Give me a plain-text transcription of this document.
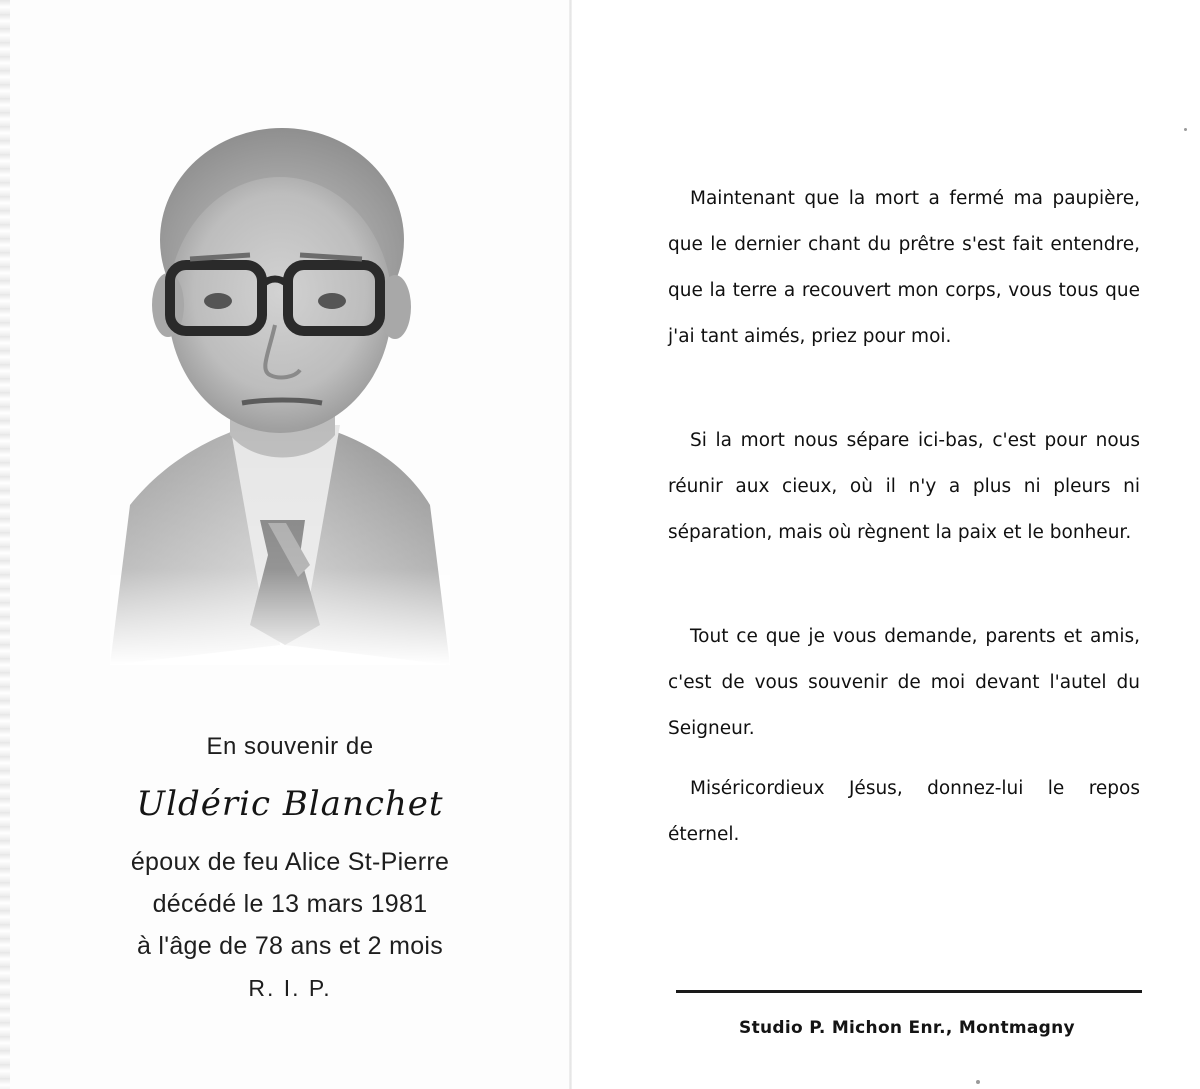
En souvenir de

Uldéric Blanchet

époux de feu Alice St-Pierre

décédé le 13 mars 1981

à l'âge de 78 ans et 2 mois

R. I. P.

Maintenant que la mort a fermé ma paupière, que le dernier chant du prêtre s'est fait entendre, que la terre a recouvert mon corps, vous tous que j'ai tant aimés, priez pour moi.

Si la mort nous sépare ici-bas, c'est pour nous réunir aux cieux, où il n'y a plus ni pleurs ni séparation, mais où règnent la paix et le bonheur.

Tout ce que je vous demande, parents et amis, c'est de vous souvenir de moi devant l'autel du Seigneur.

Miséricordieux Jésus, donnez-lui le repos éternel.

Studio P. Michon Enr., Montmagny
